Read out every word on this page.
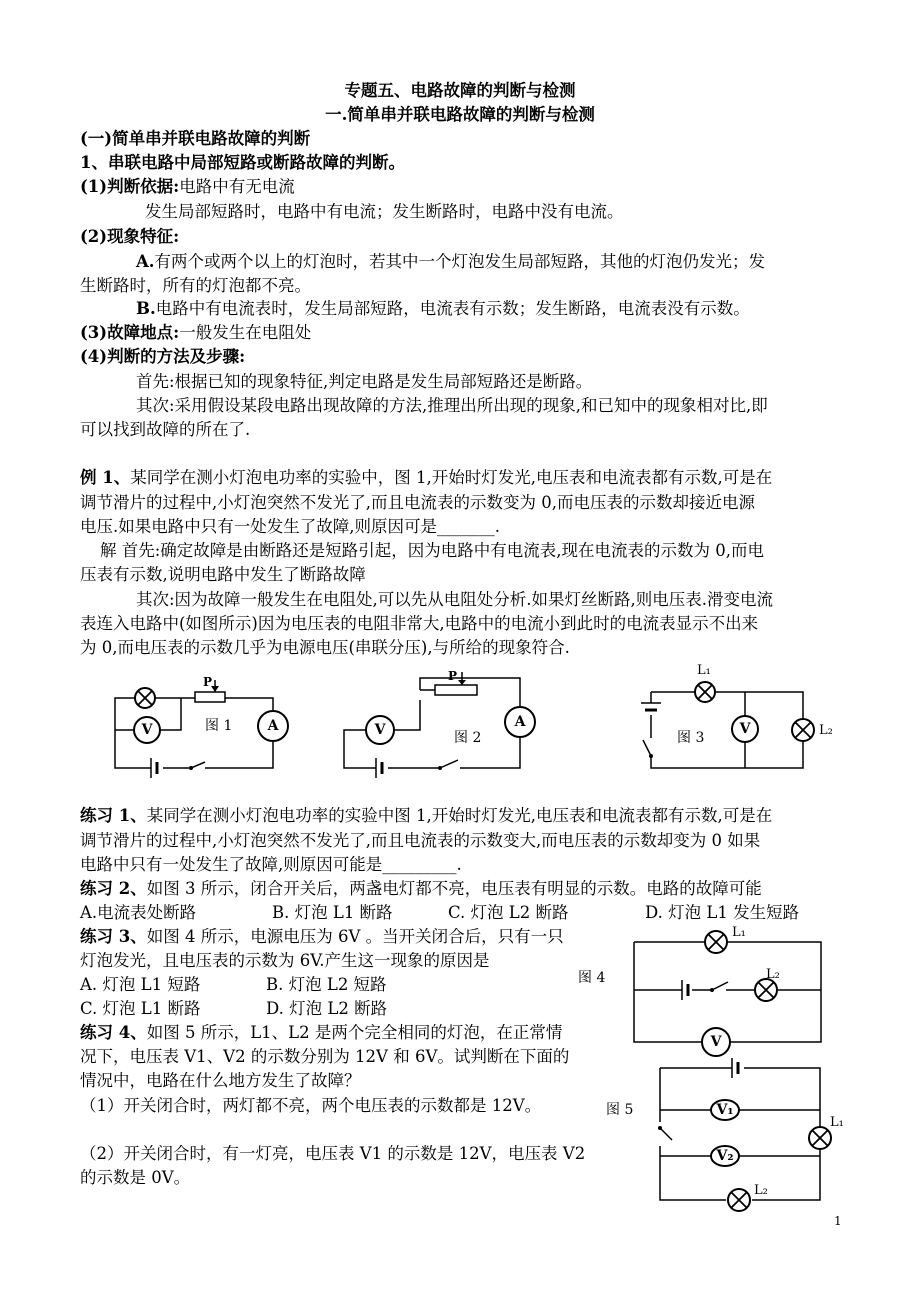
专题五、电路故障的判断与检测
一.简单串并联电路故障的判断与检测
(一)简单串并联电路故障的判断
1、串联电路中局部短路或断路故障的判断。
(1)判断依据:电路中有无电流
发生局部短路时，电路中有电流；发生断路时，电路中没有电流。
(2)现象特征:
A.有两个或两个以上的灯泡时，若其中一个灯泡发生局部短路，其他的灯泡仍发光；发
生断路时，所有的灯泡都不亮。
B.电路中有电流表时，发生局部短路，电流表有示数；发生断路，电流表没有示数。
(3)故障地点:一般发生在电阻处
(4)判断的方法及步骤:
首先:根据已知的现象特征,判定电路是发生局部短路还是断路。
其次:采用假设某段电路出现故障的方法,推理出所出现的现象,和已知中的现象相对比,即
可以找到故障的所在了.
例 1、某同学在测小灯泡电功率的实验中，图 1,开始时灯发光,电压表和电流表都有示数,可是在
调节滑片的过程中,小灯泡突然不发光了,而且电流表的示数变为 0,而电压表的示数却接近电源
电压.如果电路中只有一处发生了故障,则原因可是_______.
解 首先:确定故障是由断路还是短路引起，因为电路中有电流表,现在电流表的示数为 0,而电
压表有示数,说明电路中发生了断路故障
其次:因为故障一般发生在电阻处,可以先从电阻处分析.如果灯丝断路,则电压表.滑变电流
表连入电路中(如图所示)因为电压表的电阻非常大,电路中的电流小到此时的电流表显示不出来
为 0,而电压表的示数几乎为电源电压(串联分压),与所给的现象符合.
P
V	A
图 1
P
V	A
图 2
L₁
V	L₂
图 3
练习 1、某同学在测小灯泡电功率的实验中图 1,开始时灯发光,电压表和电流表都有示数,可是在
调节滑片的过程中,小灯泡突然不发光了,而且电流表的示数变大,而电压表的示数却变为 0 如果
电路中只有一处发生了故障,则原因可能是_________.
练习 2、如图 3 所示，闭合开关后，两盏电灯都不亮，电压表有明显的示数。电路的故障可能
A.电流表处断路	B. 灯泡 L1 断路	C. 灯泡 L2 断路	D. 灯泡 L1 发生短路
练习 3、如图 4 所示，电源电压为 6V 。当开关闭合后，只有一只
灯泡发光，且电压表的示数为 6V.产生这一现象的原因是
A. 灯泡 L1 短路	B. 灯泡 L2 短路
C. 灯泡 L1 断路	D. 灯泡 L2 断路
L₁
L₂
V
图 4
练习 4、如图 5 所示，L1、L2 是两个完全相同的灯泡，在正常情
况下，电压表 V1、V2 的示数分别为 12V 和 6V。试判断在下面的
情况中，电路在什么地方发生了故障？
（1）开关闭合时，两灯都不亮，两个电压表的示数都是 12V。
（2）开关闭合时，有一灯亮，电压表 V1 的示数是 12V，电压表 V2
的示数是 0V。
V₁
V₂
L₁
L₂
图 5
1
